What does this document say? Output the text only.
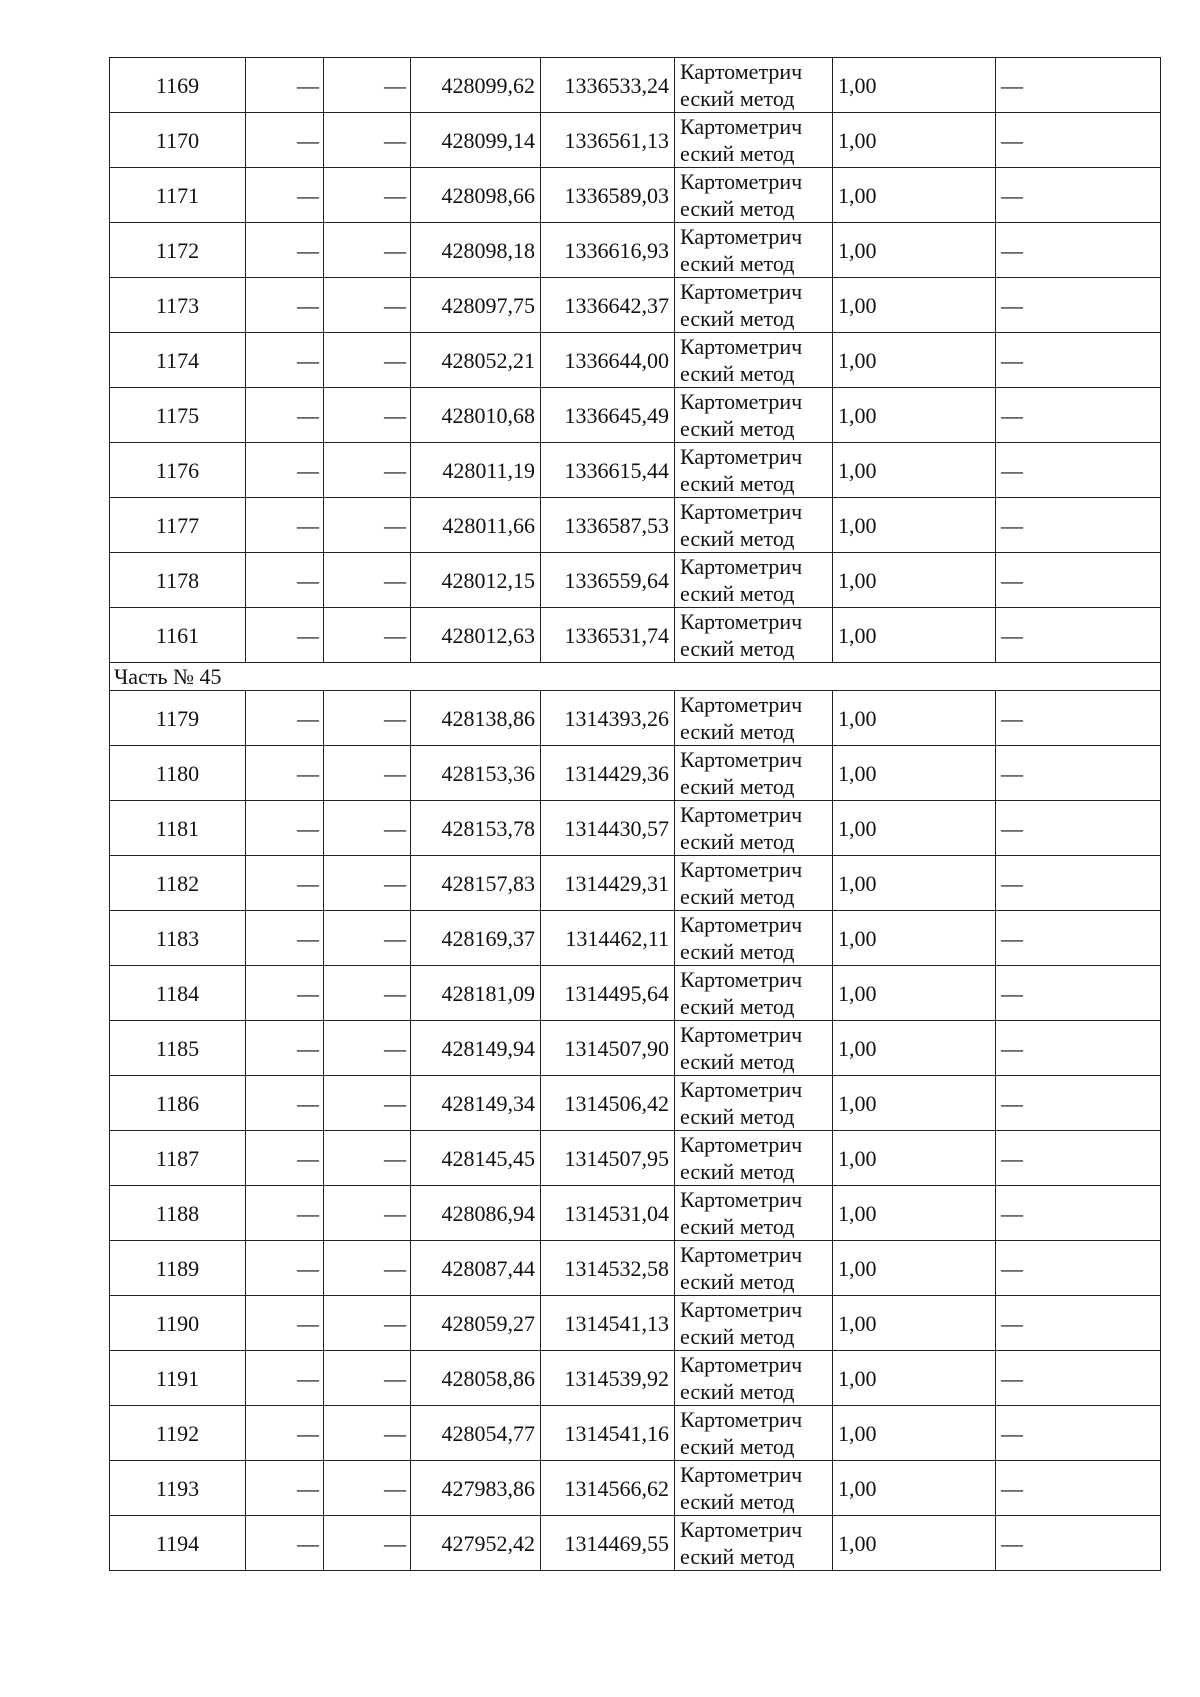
1169	—	—	428099,62	1336533,24	Картометрич
еский метод	1,00	—
1170	—	—	428099,14	1336561,13	Картометрич
еский метод	1,00	—
1171	—	—	428098,66	1336589,03	Картометрич
еский метод	1,00	—
1172	—	—	428098,18	1336616,93	Картометрич
еский метод	1,00	—
1173	—	—	428097,75	1336642,37	Картометрич
еский метод	1,00	—
1174	—	—	428052,21	1336644,00	Картометрич
еский метод	1,00	—
1175	—	—	428010,68	1336645,49	Картометрич
еский метод	1,00	—
1176	—	—	428011,19	1336615,44	Картометрич
еский метод	1,00	—
1177	—	—	428011,66	1336587,53	Картометрич
еский метод	1,00	—
1178	—	—	428012,15	1336559,64	Картометрич
еский метод	1,00	—
1161	—	—	428012,63	1336531,74	Картометрич
еский метод	1,00	—
Часть № 45							
1179	—	—	428138,86	1314393,26	Картометрич
еский метод	1,00	—
1180	—	—	428153,36	1314429,36	Картометрич
еский метод	1,00	—
1181	—	—	428153,78	1314430,57	Картометрич
еский метод	1,00	—
1182	—	—	428157,83	1314429,31	Картометрич
еский метод	1,00	—
1183	—	—	428169,37	1314462,11	Картометрич
еский метод	1,00	—
1184	—	—	428181,09	1314495,64	Картометрич
еский метод	1,00	—
1185	—	—	428149,94	1314507,90	Картометрич
еский метод	1,00	—
1186	—	—	428149,34	1314506,42	Картометрич
еский метод	1,00	—
1187	—	—	428145,45	1314507,95	Картометрич
еский метод	1,00	—
1188	—	—	428086,94	1314531,04	Картометрич
еский метод	1,00	—
1189	—	—	428087,44	1314532,58	Картометрич
еский метод	1,00	—
1190	—	—	428059,27	1314541,13	Картометрич
еский метод	1,00	—
1191	—	—	428058,86	1314539,92	Картометрич
еский метод	1,00	—
1192	—	—	428054,77	1314541,16	Картометрич
еский метод	1,00	—
1193	—	—	427983,86	1314566,62	Картометрич
еский метод	1,00	—
1194	—	—	427952,42	1314469,55	Картометрич
еский метод	1,00	—
